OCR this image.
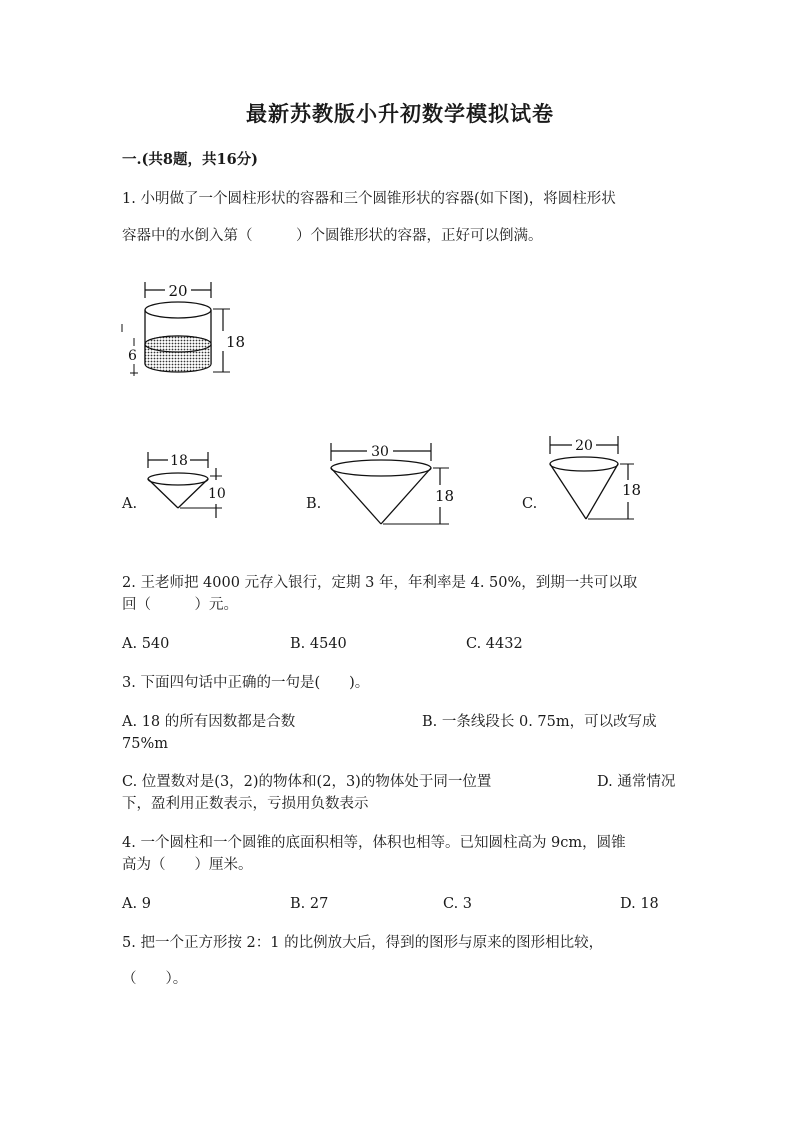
最新苏教版小升初数学模拟试卷
一.(共8题，共16分)
1. 小明做了一个圆柱形状的容器和三个圆锥形状的容器(如下图)，将圆柱形状
容器中的水倒入第（　　　）个圆锥形状的容器，正好可以倒满。
20
18
6
A.
18
10
B.
30
18	C.
20
18
2. 王老师把 4000 元存入银行，定期 3 年，年利率是 4. 50%，到期一共可以取
回（　　　）元。
A. 540	B. 4540	C. 4432
3. 下面四句话中正确的一句是(　　)。
A. 18 的所有因数都是合数	B. 一条线段长 0. 75m，可以改写成
75%m
C. 位置数对是(3，2)的物体和(2，3)的物体处于同一位置	D. 通常情况
下，盈利用正数表示，亏损用负数表示
4. 一个圆柱和一个圆锥的底面积相等，体积也相等。已知圆柱高为 9cm，圆锥
高为（　　）厘米。
A. 9	B. 27	C. 3	D. 18
5. 把一个正方形按 2：1 的比例放大后，得到的图形与原来的图形相比较，
（　　）。
